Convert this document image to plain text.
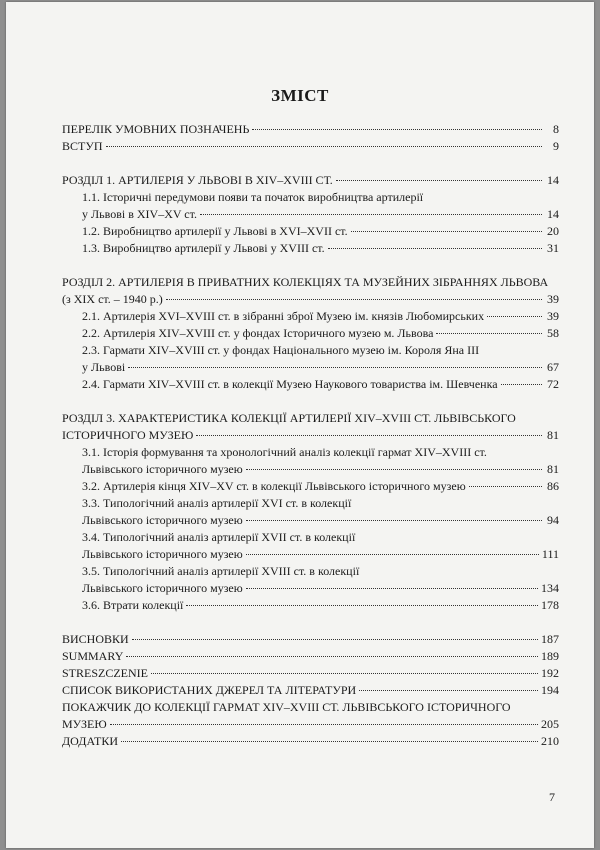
ЗМІСТ
ПЕРЕЛІК УМОВНИХ ПОЗНАЧЕНЬ	8
ВСТУП	9
РОЗДІЛ 1. АРТИЛЕРІЯ У ЛЬВОВІ В XIV–XVIII СТ.	14
1.1. Історичні передумови появи та початок виробництва артилерії
у Львові в XIV–XV ст.	14
1.2. Виробництво артилерії у Львові в XVI–XVII ст.	20
1.3. Виробництво артилерії у Львові у XVIII ст.	31
РОЗДІЛ 2. АРТИЛЕРІЯ В ПРИВАТНИХ КОЛЕКЦІЯХ ТА МУЗЕЙНИХ ЗІБРАННЯХ ЛЬВОВА
(з XIX ст. – 1940 р.)	39
2.1. Артилерія XVI–XVIII ст. в зібранні зброї Музею ім. князів Любомирських	39
2.2. Артилерія XIV–XVIII ст. у фондах Історичного музею м. Львова	58
2.3. Гармати XIV–XVIII ст. у фондах Національного музею ім. Короля Яна III
у Львові	67
2.4. Гармати XIV–XVIII ст. в колекції Музею Наукового товариства ім. Шевченка	72
РОЗДІЛ 3. ХАРАКТЕРИСТИКА КОЛЕКЦІЇ АРТИЛЕРІЇ XIV–XVIII СТ. ЛЬВІВСЬКОГО
ІСТОРИЧНОГО МУЗЕЮ	81
3.1. Історія формування та хронологічний аналіз колекції гармат XIV–XVIII ст.
Львівського історичного музею	81
3.2. Артилерія кінця XIV–XV ст. в колекції Львівського історичного музею	86
3.3. Типологічний аналіз артилерії XVI ст. в колекції
Львівського історичного музею	94
3.4. Типологічний аналіз артилерії XVII ст. в колекції
Львівського історичного музею	111
3.5. Типологічний аналіз артилерії XVIII ст. в колекції
Львівського історичного музею	134
3.6. Втрати колекції	178
ВИСНОВКИ	187
SUMMARY	189
STRESZCZENIE	192
СПИСОК ВИКОРИСТАНИХ ДЖЕРЕЛ ТА ЛІТЕРАТУРИ	194
ПОКАЖЧИК ДО КОЛЕКЦІЇ ГАРМАТ XIV–XVIII СТ. ЛЬВІВСЬКОГО ІСТОРИЧНОГО
МУЗЕЮ	205
ДОДАТКИ	210
7
